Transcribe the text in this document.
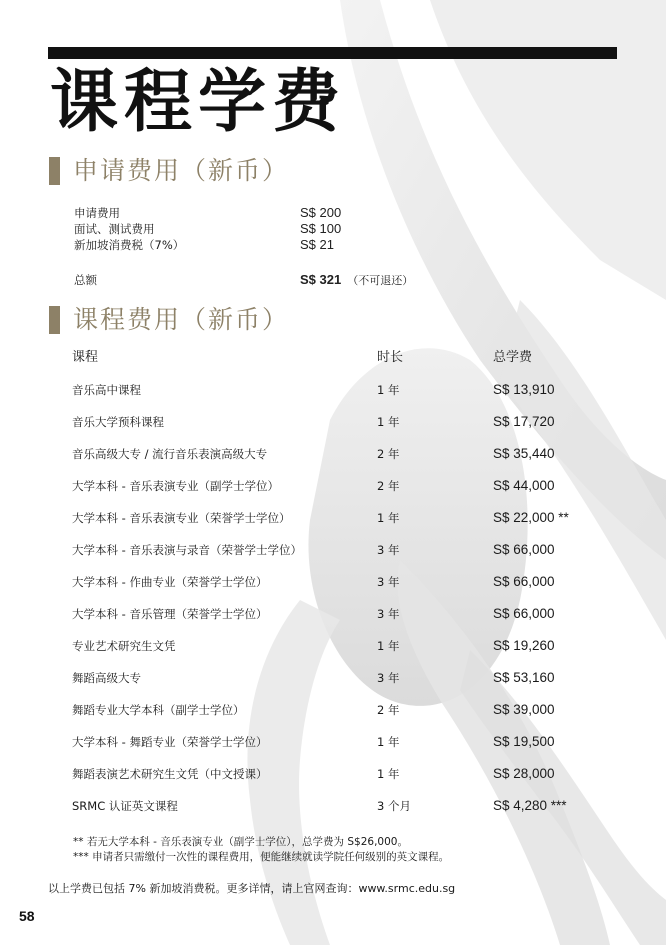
课程学费
申请费用（新币）
申请费用	S$ 200
面试、测试费用	S$ 100
新加坡消费税（7%）	S$ 21
总额	S$ 321 （不可退还）
课程费用（新币）
课程	时长	总学费
音乐高中课程	1 年	S$ 13,910
音乐大学预科课程	1 年	S$ 17,720
音乐高级大专 / 流行音乐表演高级大专	2 年	S$ 35,440
大学本科 - 音乐表演专业（副学士学位）	2 年	S$ 44,000
大学本科 - 音乐表演专业（荣誉学士学位）	1 年	S$ 22,000 **
大学本科 - 音乐表演与录音（荣誉学士学位）	3 年	S$ 66,000
大学本科 - 作曲专业（荣誉学士学位）	3 年	S$ 66,000
大学本科 - 音乐管理（荣誉学士学位）	3 年	S$ 66,000
专业艺术研究生文凭	1 年	S$ 19,260
舞蹈高级大专	3 年	S$ 53,160
舞蹈专业大学本科（副学士学位）	2 年	S$ 39,000
大学本科 - 舞蹈专业（荣誉学士学位）	1 年	S$ 19,500
舞蹈表演艺术研究生文凭（中文授课）	1 年	S$ 28,000
SRMC 认证英文课程	3 个月	S$ 4,280 ***
** 若无大学本科 - 音乐表演专业（副学士学位），总学费为 S$26,000。
*** 申请者只需缴付一次性的课程费用，便能继续就读学院任何级别的英文课程。
以上学费已包括 7% 新加坡消费税。更多详情，请上官网查询：www.srmc.edu.sg
58
